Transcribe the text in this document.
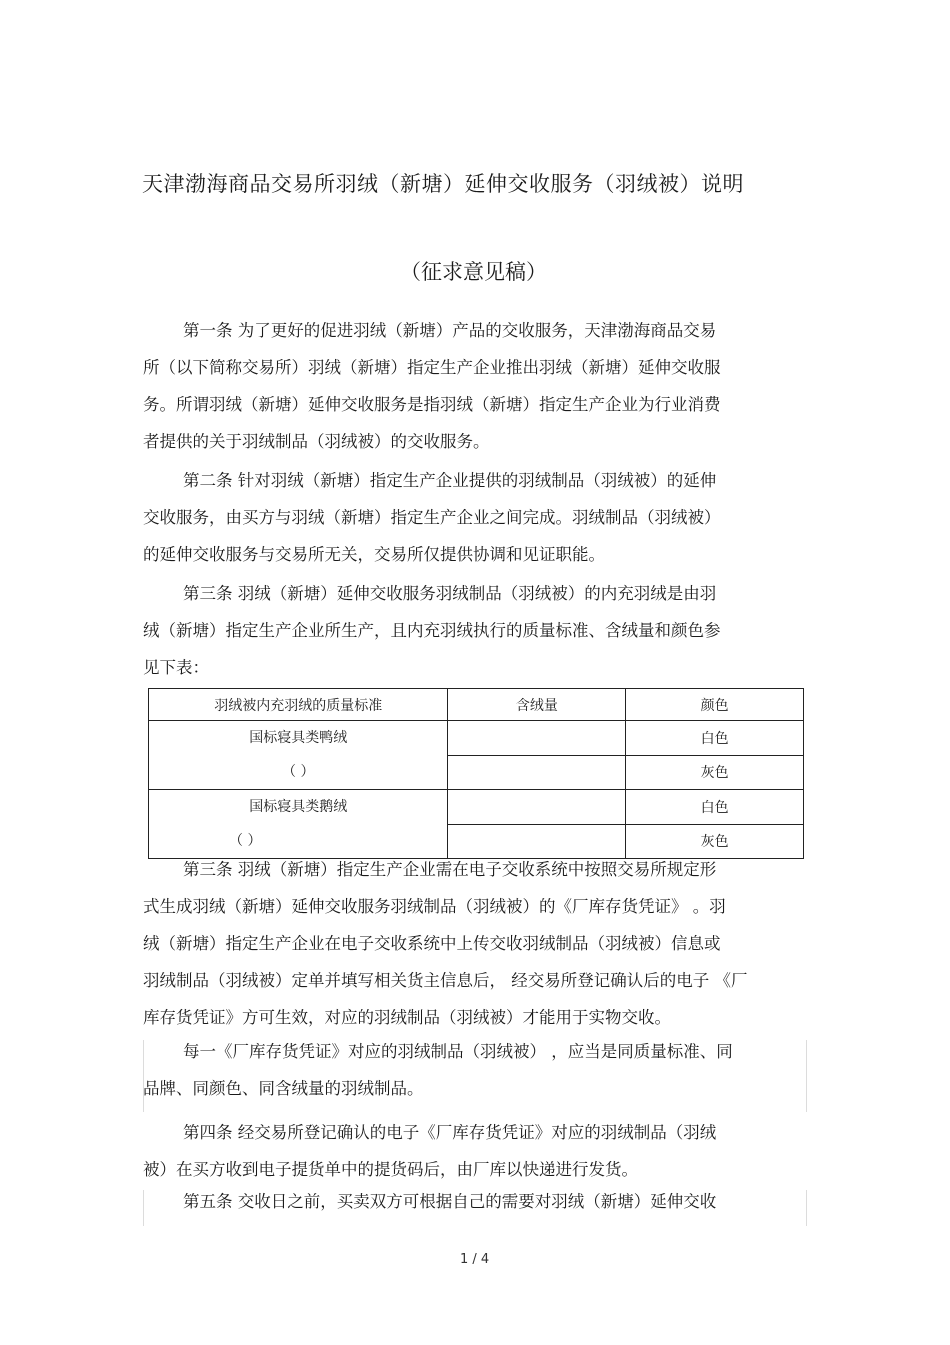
天津渤海商品交易所羽绒（新塘）延伸交收服务（羽绒被）说明
（征求意见稿）
第一条 为了更好的促进羽绒（新塘）产品的交收服务，天津渤海商品交易
所（以下简称交易所）羽绒（新塘）指定生产企业推出羽绒（新塘）延伸交收服
务。所谓羽绒（新塘）延伸交收服务是指羽绒（新塘）指定生产企业为行业消费
者提供的关于羽绒制品（羽绒被）的交收服务。
第二条 针对羽绒（新塘）指定生产企业提供的羽绒制品（羽绒被）的延伸
交收服务，由买方与羽绒（新塘）指定生产企业之间完成。羽绒制品（羽绒被）
的延伸交收服务与交易所无关，交易所仅提供协调和见证职能。
第三条 羽绒（新塘）延伸交收服务羽绒制品（羽绒被）的内充羽绒是由羽
绒（新塘）指定生产企业所生产，且内充羽绒执行的质量标准、含绒量和颜色参
见下表：
羽绒被内充羽绒的质量标准	含绒量	颜色

国标寝具类鸭绒
（ ）		白色
		灰色

国标寝具类鹅绒
（ ）		白色
		灰色
第三条 羽绒（新塘）指定生产企业需在电子交收系统中按照交易所规定形
式生成羽绒（新塘）延伸交收服务羽绒制品（羽绒被）的《厂库存货凭证》 。羽
绒（新塘）指定生产企业在电子交收系统中上传交收羽绒制品（羽绒被）信息或
羽绒制品（羽绒被）定单并填写相关货主信息后， 经交易所登记确认后的电子 《厂
库存货凭证》方可生效，对应的羽绒制品（羽绒被）才能用于实物交收。
每一《厂库存货凭证》对应的羽绒制品（羽绒被） ，应当是同质量标准、同
品牌、同颜色、同含绒量的羽绒制品。
第四条 经交易所登记确认的电子《厂库存货凭证》对应的羽绒制品（羽绒
被）在买方收到电子提货单中的提货码后，由厂库以快递进行发货。
第五条 交收日之前，买卖双方可根据自己的需要对羽绒（新塘）延伸交收
1 / 4
